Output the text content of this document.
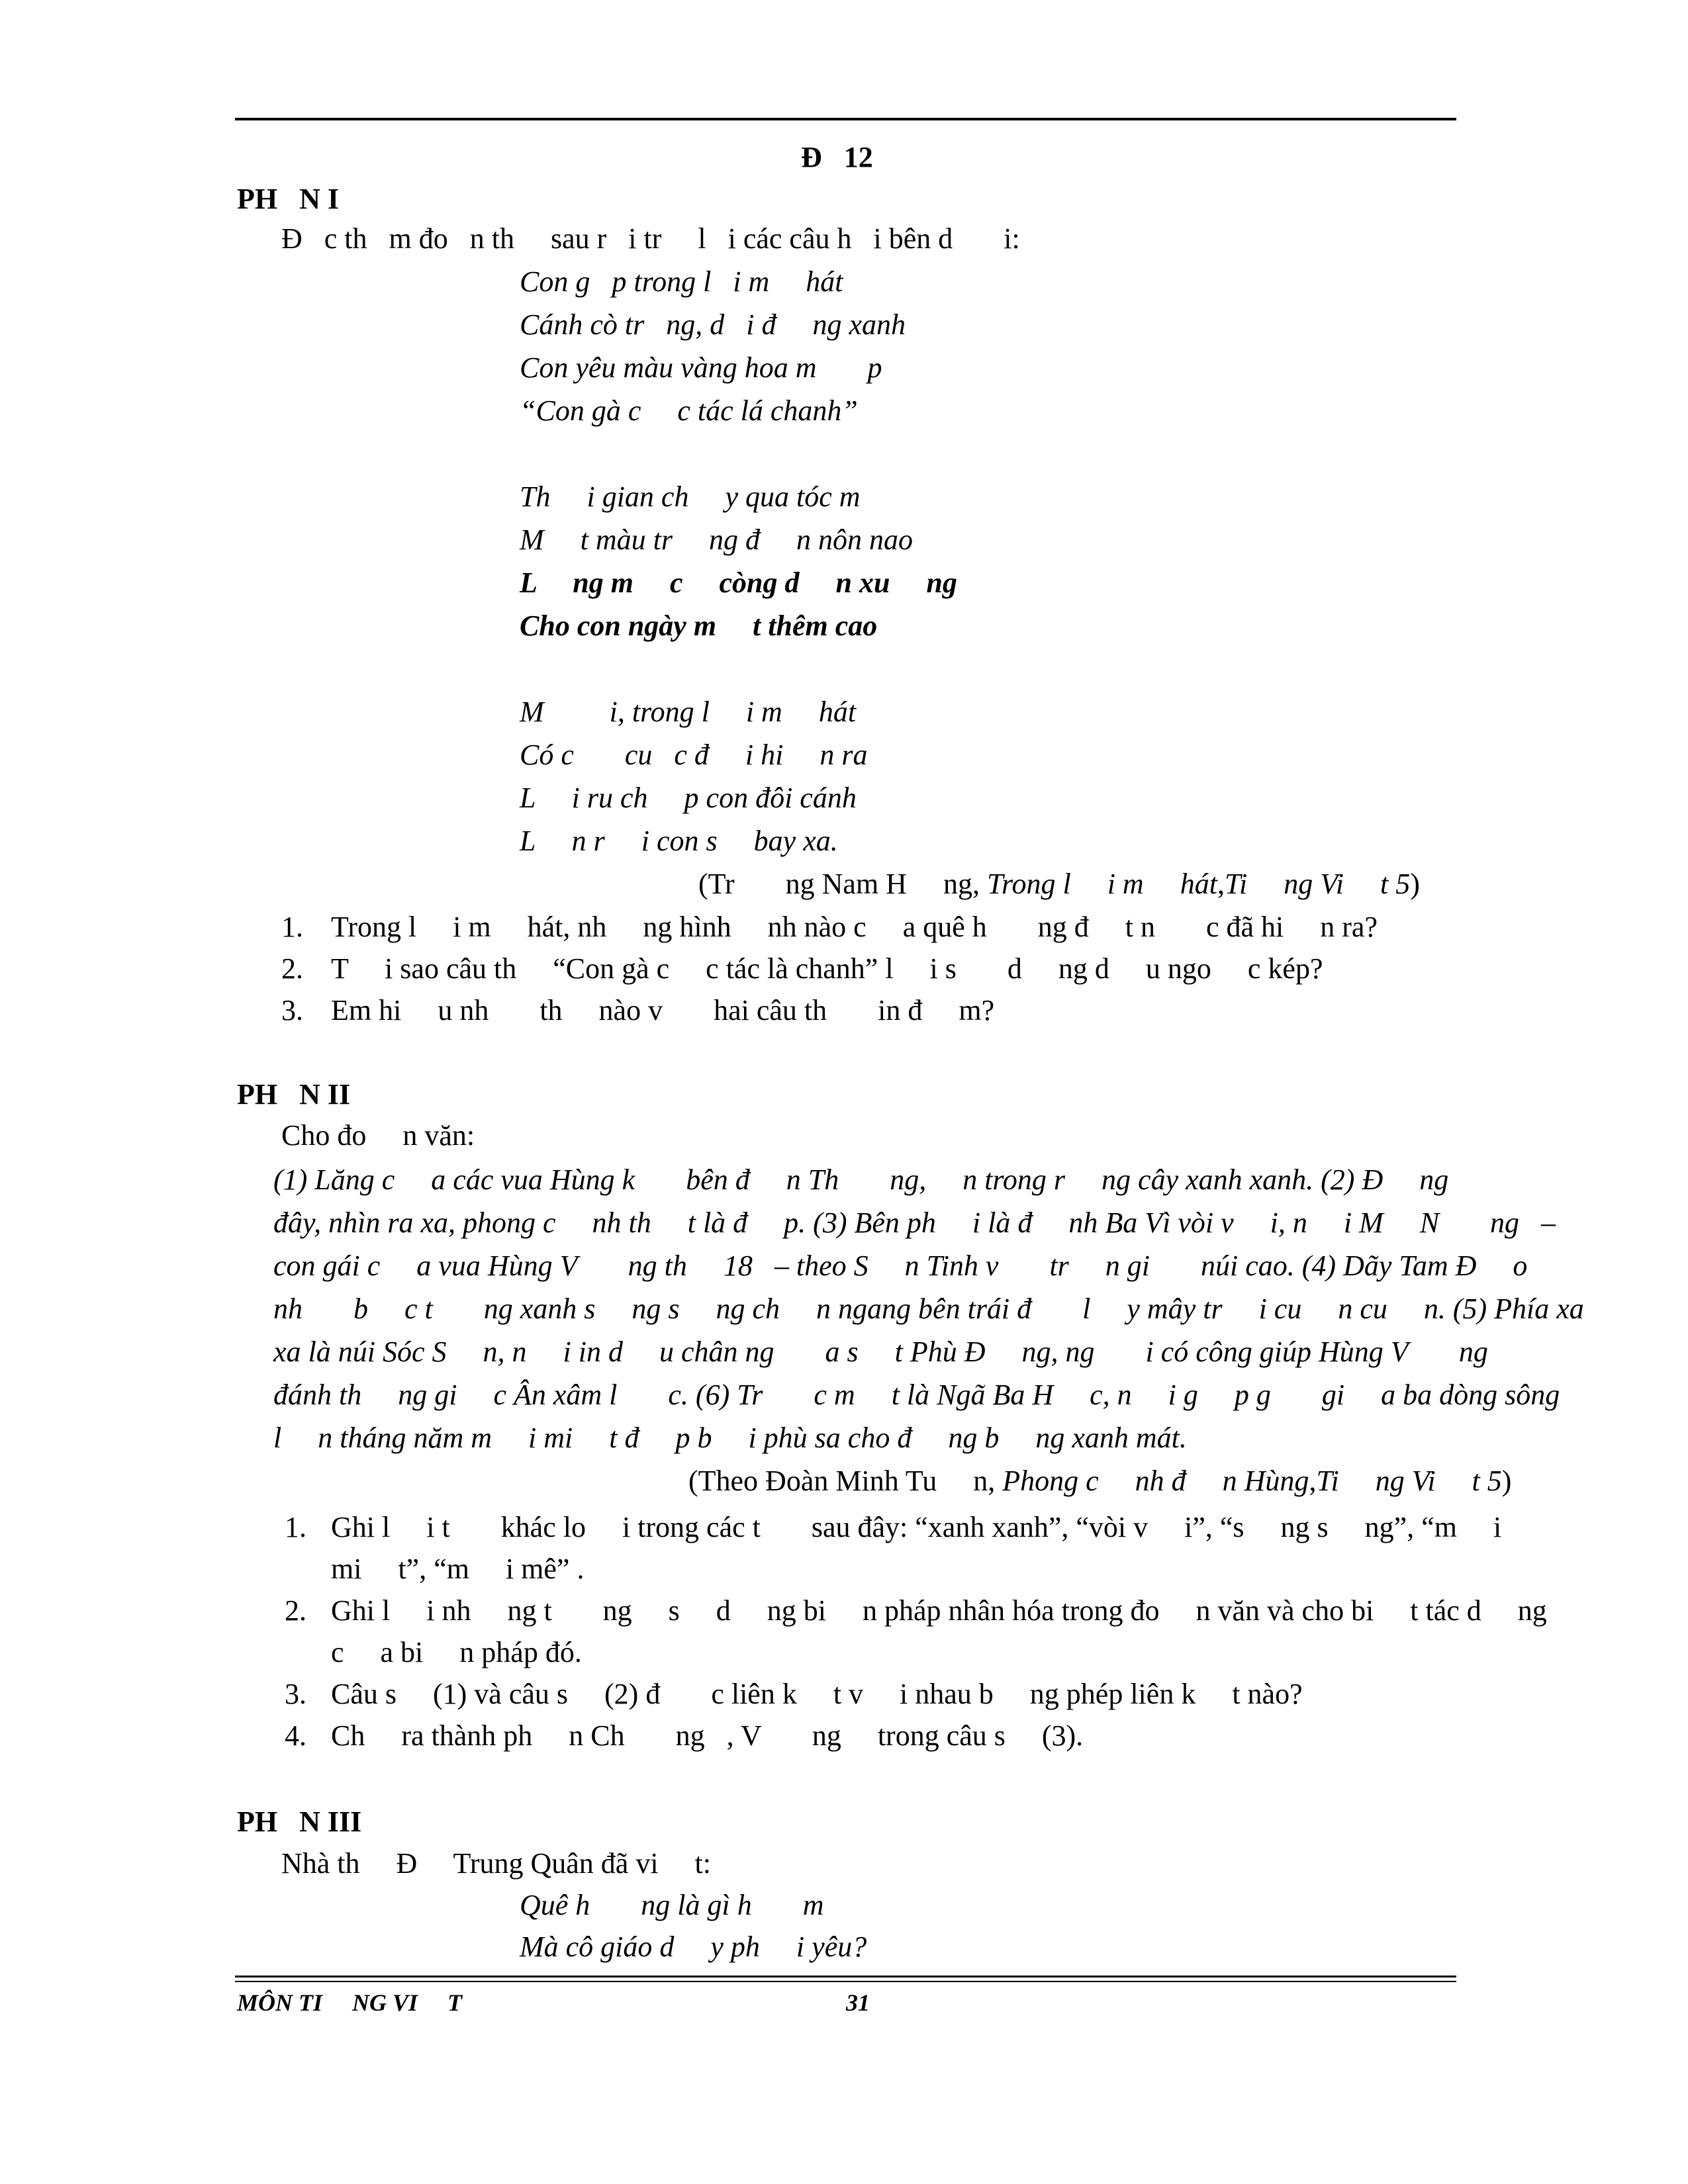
Đ   12
PH   N I
Đ   c th   m đo   n th     sau r   i tr     l   i các câu h   i bên d       i:
Con g   p trong l   i m     hát
Cánh cò tr   ng, d   i đ     ng xanh
Con yêu màu vàng hoa m       p
“Con gà c     c tác lá chanh”
Th     i gian ch     y qua tóc m
M     t màu tr     ng đ     n nôn nao
L     ng m     c     còng d     n xu     ng
Cho con ngày m     t thêm cao
M         i, trong l     i m     hát
Có c       cu   c đ     i hi     n ra
L     i ru ch     p con đôi cánh
L     n r     i con s     bay xa.
(Tr       ng Nam H     ng, Trong l     i m     hát,Ti     ng Vi     t 5)
1. Trong l     i m     hát, nh     ng hình     nh nào c     a quê h       ng đ     t n       c đã hi     n ra?
2. T     i sao câu th     “Con gà c     c tác là chanh” l     i s       d     ng d     u ngo     c kép?
3. Em hi     u nh       th     nào v       hai câu th       in đ     m?
PH   N II
Cho đo     n văn:
(1) Lăng c     a các vua Hùng k       bên đ     n Th       ng,     n trong r     ng cây xanh xanh. (2) Đ     ng
đây, nhìn ra xa, phong c     nh th     t là đ     p. (3) Bên ph     i là đ     nh Ba Vì vòi v     i, n     i M     N       ng   –
con gái c     a vua Hùng V       ng th     18   – theo S     n Tinh v       tr     n gi       núi cao. (4) Dãy Tam Đ     o
nh       b     c t       ng xanh s     ng s     ng ch     n ngang bên trái đ       l     y mây tr     i cu     n cu     n. (5) Phía xa
xa là núi Sóc S     n, n     i in d     u chân ng       a s     t Phù Đ     ng, ng       i có công giúp Hùng V       ng
đánh th     ng gi     c Ân xâm l       c. (6) Tr       c m     t là Ngã Ba H     c, n     i g     p g       gi     a ba dòng sông
l     n tháng năm m     i mi     t đ     p b     i phù sa cho đ     ng b     ng xanh mát.
(Theo Đoàn Minh Tu     n, Phong c     nh đ     n Hùng,Ti     ng Vi     t 5)
1. Ghi l     i t       khác lo     i trong các t       sau đây: “xanh xanh”, “vòi v     i”, “s     ng s     ng”, “m     i
mi     t”, “m     i mê” .
2. Ghi l     i nh     ng t       ng     s     d     ng bi     n pháp nhân hóa trong đo     n văn và cho bi     t tác d     ng
c     a bi     n pháp đó.
3. Câu s     (1) và câu s     (2) đ       c liên k     t v     i nhau b     ng phép liên k     t nào?
4. Ch     ra thành ph     n Ch       ng   , V       ng     trong câu s     (3).
PH   N III
Nhà th     Đ     Trung Quân đã vi     t:
Quê h       ng là gì h       m
Mà cô giáo d     y ph     i yêu?
MÔN TI     NG VI     T	31
